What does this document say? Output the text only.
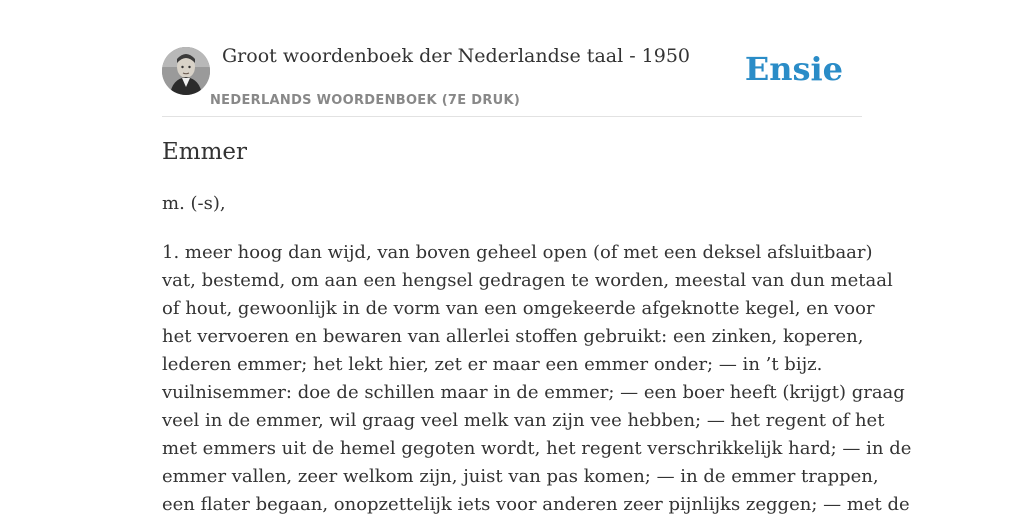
Groot woordenboek der Nederlandse taal - 1950
NEDERLANDS WOORDENBOEK (7E DRUK)
Ensie
Emmer

m. (-s),

1. meer hoog dan wijd, van boven geheel open (of met een deksel afsluitbaar)
vat, bestemd, om aan een hengsel gedragen te worden, meestal van dun metaal
of hout, gewoonlijk in de vorm van een omgekeerde afgeknotte kegel, en voor
het vervoeren en bewaren van allerlei stoffen gebruikt: een zinken, koperen,
lederen emmer; het lekt hier, zet er maar een emmer onder; — in ’t bijz.
vuilnisemmer: doe de schillen maar in de emmer; — een boer heeft (krijgt) graag
veel in de emmer, wil graag veel melk van zijn vee hebben; — het regent of het
met emmers uit de hemel gegoten wordt, het regent verschrikkelijk hard; — in de
emmer vallen, zeer welkom zijn, juist van pas komen; — in de emmer trappen,
een flater begaan, onopzettelijk iets voor anderen zeer pijnlijks zeggen; — met de
